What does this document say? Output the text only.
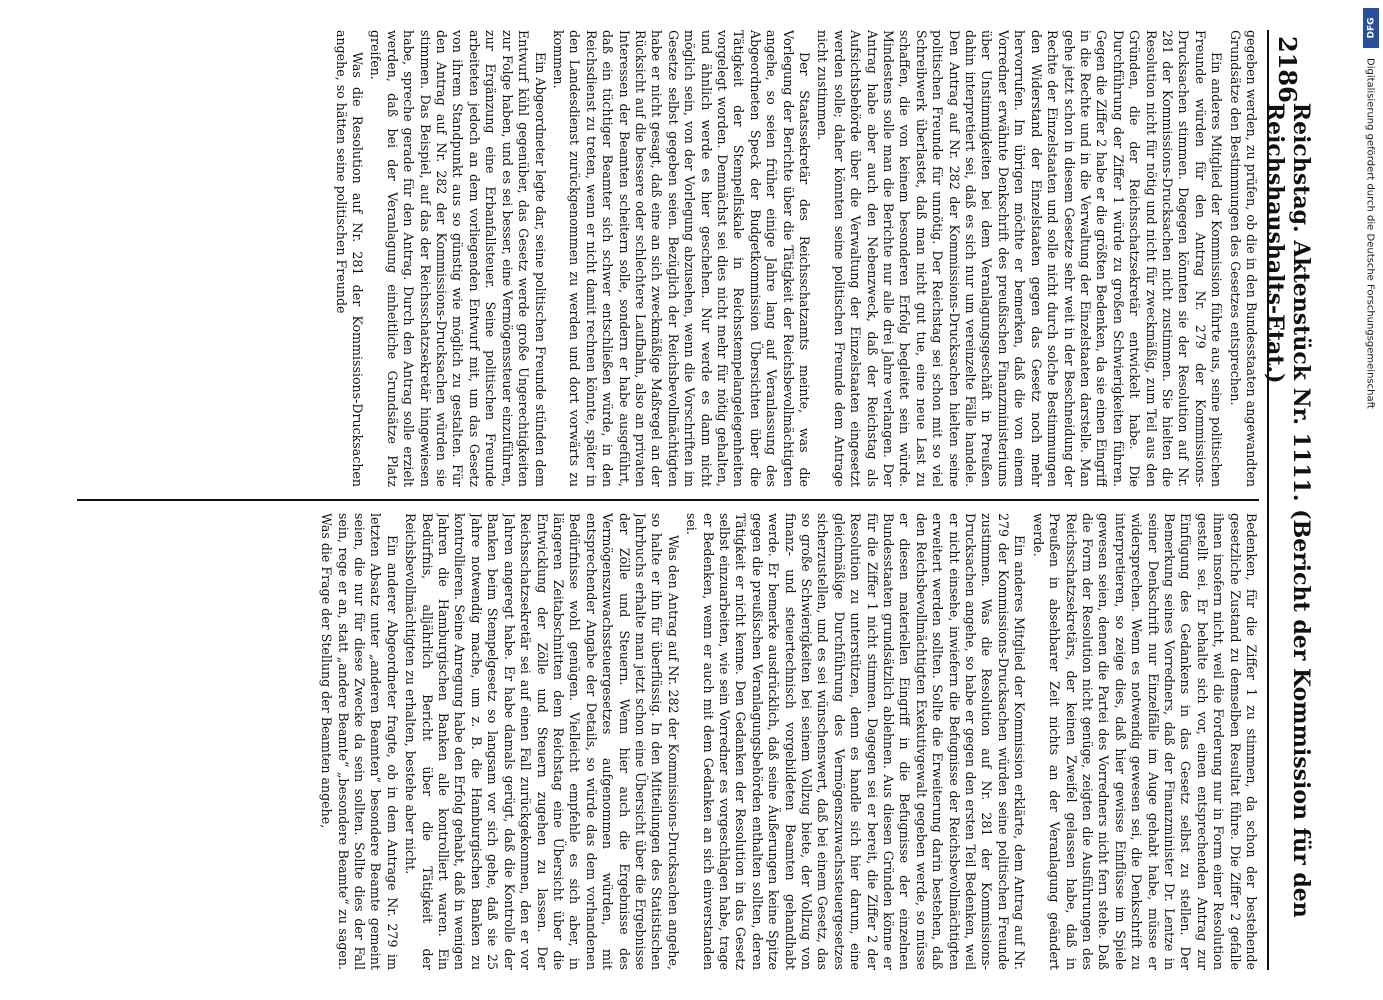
2186
Reichstag. Aktenstück Nr. 1111. (Bericht der Kommission für den Reichshaushalts-Etat.)

gegeben werden, zu prüfen, ob die in den Bundesstaaten angewandten Grundsätze den Bestimmungen des Gesetzes entsprechen.

Ein anderes Mitglied der Kommission führte aus, seine politischen Freunde würden für den Antrag Nr. 279 der Kommissions-Drucksachen stimmen. Dagegen könnten sie der Resolution auf Nr. 281 der Kommissions-Drucksachen nicht zustimmen. Sie hielten die Resolution nicht für nötig und nicht für zweckmäßig, zum Teil aus den Gründen, die der Reichsschatzsekretär entwickelt habe. Die Durchführung der Ziffer 1 würde zu großen Schwierigkeiten führen. Gegen die Ziffer 2 habe er die größten Bedenken, da sie einen Eingriff in die Rechte und in die Verwaltung der Einzelstaaten darstelle. Man gehe jetzt schon in diesem Gesetze sehr weit in der Beschneidung der Rechte der Einzelstaaten und solle nicht durch solche Bestimmungen den Widerstand der Einzelstaaten gegen das Gesetz noch mehr hervorrufen. Im übrigen möchte er bemerken, daß die von einem Vorredner erwähnte Denkschrift des preußischen Finanzministeriums über Unstimmigkeiten bei dem Veranlagungsgeschäft in Preußen dahin interpretiert sei, daß es sich nur um vereinzelte Fälle handele. Den Antrag auf Nr. 282 der Kommissions-Drucksachen hielten seine politischen Freunde für unnötig. Der Reichstag sei schon mit so viel Schreibwerk überlastet, daß man nicht gut tue, eine neue Last zu schaffen, die von keinem besonderen Erfolg begleitet sein würde. Mindestens solle man die Berichte nur alle drei Jahre verlangen. Der Antrag habe aber auch den Nebenzweck, daß der Reichstag als Aufsichtsbehörde über die Verwaltung der Einzelstaaten eingesetzt werden solle; daher könnten seine politischen Freunde dem Antrage nicht zustimmen.

Der Staatssekretär des Reichsschatzamts meinte, was die Vorlegung der Berichte über die Tätigkeit der Reichsbevollmächtigten angehe, so seien früher einige Jahre lang auf Veranlassung des Abgeordneten Speck der Budgetkommission Übersichten über die Tätigkeit der Stempelfiskale in Reichsstempelangelegenheiten vorgelegt worden. Demnächst sei dies nicht mehr für nötig gehalten, und ähnlich werde es hier geschehen. Nur werde es dann nicht möglich sein, von der Vorlegung abzusehen, wenn die Vorschriften im Gesetze selbst gegeben seien. Bezüglich der Reichsbevollmächtigten habe er nicht gesagt, daß eine an sich zweckmäßige Maßregel an der Rücksicht auf die bessere oder schlechtere Laufbahn, also an privaten Interessen der Beamten scheitern solle, sondern er habe ausgeführt, daß ein tüchtiger Beamter sich schwer entschließen würde, in den Reichsdienst zu treten, wenn er nicht damit rechnen könnte, später in den Landesdienst zurückgenommen zu werden und dort vorwärts zu kommen.

Ein Abgeordneter legte dar, seine politischen Freunde stünden dem Entwurf kühl gegenüber, das Gesetz werde große Ungerechtigkeiten zur Folge haben, und es sei besser, eine Vermögenssteuer einzuführen, zur Ergänzung eine Erbanfallsteuer. Seine politischen Freunde arbeiteten jedoch an dem vorliegenden Entwurf mit, um das Gesetz von ihrem Standpunkt aus so günstig wie möglich zu gestalten. Für den Antrag auf Nr. 282 der Kommissions-Drucksachen würden sie stimmen. Das Beispiel, auf das der Reichsschatzsekretär hingewiesen habe, spreche gerade für den Antrag. Durch den Antrag solle erzielt werden, daß bei der Veranlagung einheitliche Grundsätze Platz greifen.

Was die Resolution auf Nr. 281 der Kommissions-Drucksachen angehe, so hätten seine politischen Freunde

Bedenken, für die Ziffer 1 zu stimmen, da schon der bestehende gesetzliche Zustand zu demselben Resultat führe. Die Ziffer 2 gefalle ihnen insofern nicht, weil die Forderung nur in Form einer Resolution gestellt sei. Er behalte sich vor, einen entsprechenden Antrag zur Einfügung des Gedankens in das Gesetz selbst zu stellen. Der Bemerkung seines Vorredners, daß der Finanzminister Dr. Lentze in seiner Denkschrift nur Einzelfälle im Auge gehabt habe, müsse er widersprechen. Wenn es notwendig gewesen sei, die Denkschrift zu interpretieren, so zeige dies, daß hier gewisse Einflüsse im Spiele gewesen seien, denen die Partei des Vorredners nicht fern stehe. Daß die Form der Resolution nicht genüge, zeigten die Ausführungen des Reichsschatzsekretärs, der keinen Zweifel gelassen habe, daß in Preußen in absehbarer Zeit nichts an der Veranlagung geändert werde.

Ein anderes Mitglied der Kommission erklärte, dem Antrag auf Nr. 279 der Kommissions-Drucksachen würden seine politischen Freunde zustimmen. Was die Resolution auf Nr. 281 der Kommissions-Drucksachen angehe, so habe er gegen den ersten Teil Bedenken, weil er nicht einsehe, inwiefern die Befugnisse der Reichsbevollmächtigten erweitert werden sollten. Sollte die Erweiterung darin bestehen, daß den Reichsbevollmächtigten Exekutivgewalt gegeben werde, so müsse er diesen materiellen Eingriff in die Befugnisse der einzelnen Bundesstaaten grundsätzlich ablehnen. Aus diesen Gründen könne er für die Ziffer 1 nicht stimmen. Dagegen sei er bereit, die Ziffer 2 der Resolution zu unterstützen, denn es handle sich hier darum, eine gleichmäßige Durchführung des Vermögenszuwachssteuergesetzes sicherzustellen, und es sei wünschenswert, daß bei einem Gesetz, das so große Schwierigkeiten bei seinem Vollzug biete, der Vollzug von finanz- und steuertechnisch vorgebildeten Beamten gehandhabt werde. Er bemerke ausdrücklich, daß seine Äußerungen keine Spitze gegen die preußischen Veranlagungsbehörden enthalten sollten, deren Tätigkeit er nicht kenne. Den Gedanken der Resolution in das Gesetz selbst einzuarbeiten, wie sein Vorredner es vorgeschlagen habe, trage er Bedenken, wenn er auch mit dem Gedanken an sich einverstanden sei.

Was den Antrag auf Nr. 282 der Kommissions-Drucksachen angehe, so halte er ihn für überflüssig. In den Mitteilungen des Statistischen Jahrbuchs erhalte man jetzt schon eine Übersicht über die Ergebnisse der Zölle und Steuern. Wenn hier auch die Ergebnisse des Vermögenszuwachssteuergesetzes aufgenommen würden, mit entsprechender Angabe der Details, so würde das dem vorhandenen Bedürfnisse wohl genügen. Vielleicht empfehle es sich aber, in längeren Zeitabschnitten dem Reichstag eine Übersicht über die Entwicklung der Zölle und Steuern zugehen zu lassen. Der Reichsschatzsekretär sei auf einen Fall zurückgekommen, den er vor Jahren angeregt habe. Er habe damals gerügt, daß die Kontrolle der Banken beim Stempelgesetz so langsam vor sich gehe, daß sie 25 Jahre notwendig mache, um z. B. die Hamburgischen Banken zu kontrollieren. Seine Anregung habe den Erfolg gehabt, daß in wenigen Jahren die Hamburgischen Banken alle kontrolliert waren. Ein Bedürfnis, alljährlich Bericht über die Tätigkeit der Reichsbevollmächtigten zu erhalten, bestehe aber nicht.

Ein anderer Abgeordneter fragte, ob in dem Antrage Nr. 279 im letzten Absatz unter „anderen Beamten“ besondere Beamte gemeint seien, die nur für diese Zwecke da sein sollten. Sollte dies der Fall sein, rege er an, statt „andere Beamte“ „besondere Beamte“ zu sagen. Was die Frage der Stellung der Beamten angehe,

DFG
Digitalisierung gefördert durch die Deutsche Forschungsgemeinschaft
